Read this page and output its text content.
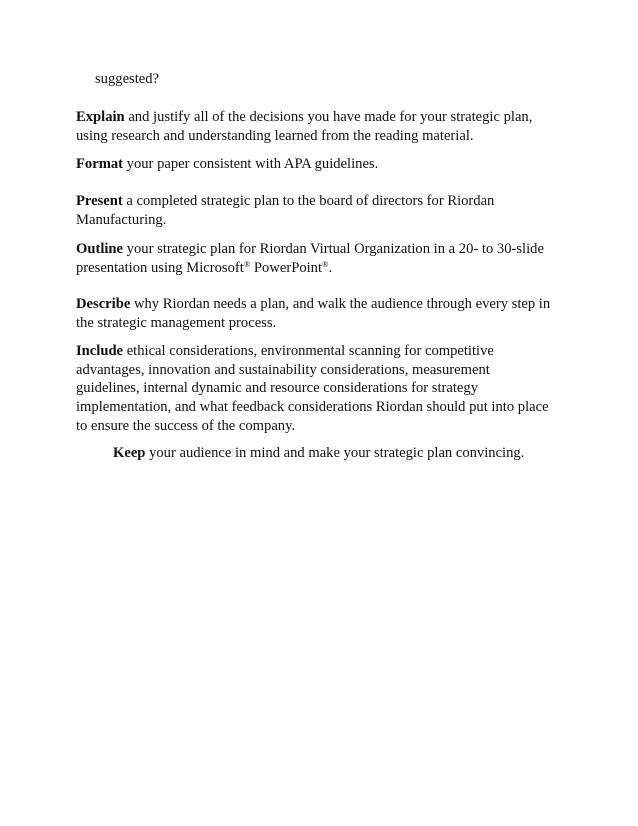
suggested?

Explain and justify all of the decisions you have made for your strategic plan, using research and understanding learned from the reading material.

Format your paper consistent with APA guidelines.

Present a completed strategic plan to the board of directors for Riordan Manufacturing.

Outline your strategic plan for Riordan Virtual Organization in a 20- to 30-slide presentation using Microsoft® PowerPoint®.

Describe why Riordan needs a plan, and walk the audience through every step in the strategic management process.

Include ethical considerations, environmental scanning for competitive advantages, innovation and sustainability considerations, measurement guidelines, internal dynamic and resource considerations for strategy implementation, and what feedback considerations Riordan should put into place to ensure the success of the company.

Keep your audience in mind and make your strategic plan convincing.
